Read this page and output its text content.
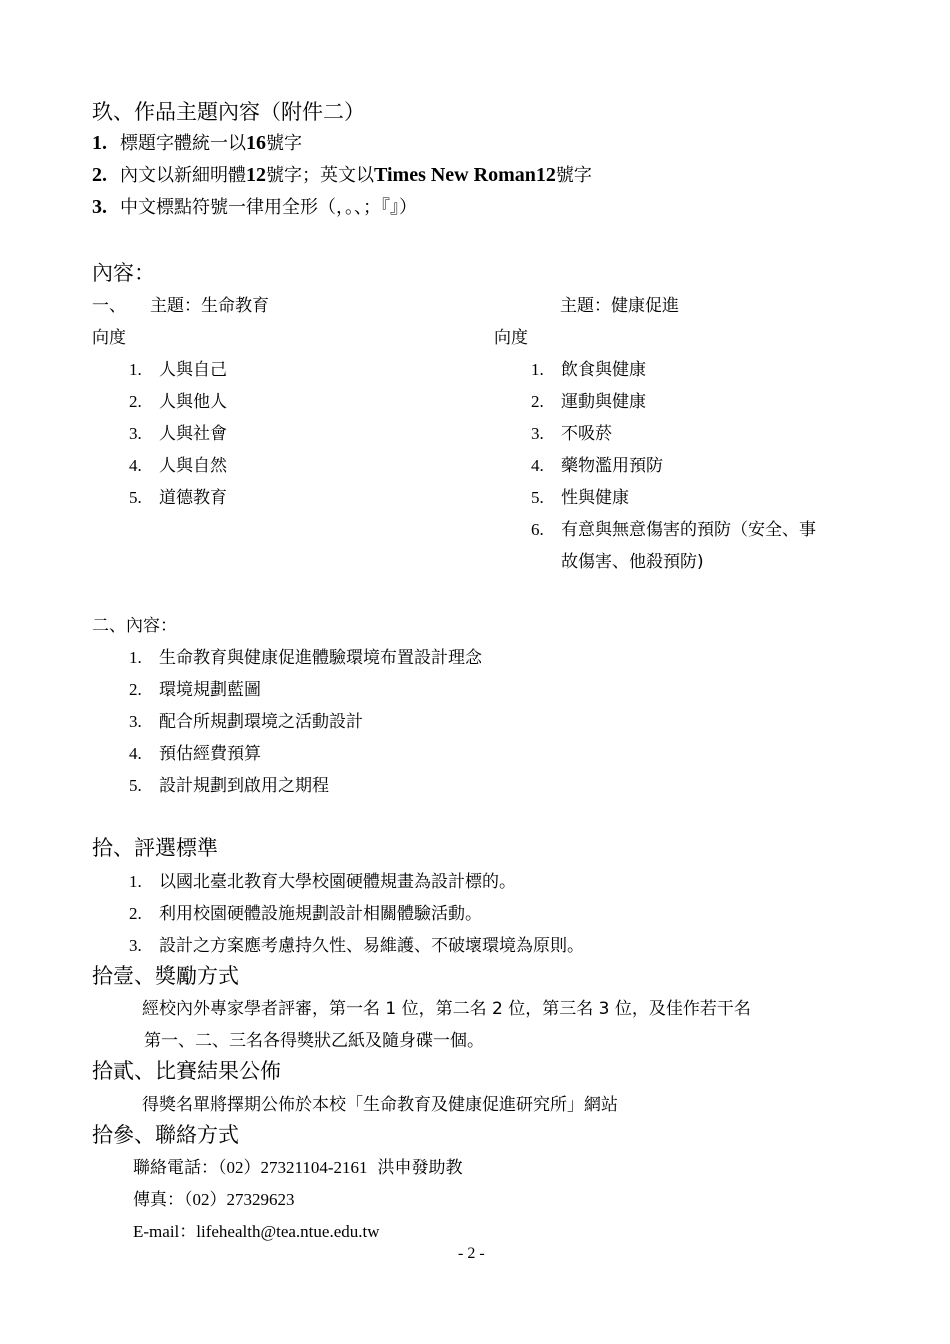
玖、作品主題內容（附件二）
1. 標題字體統一以16號字
2. 內文以新細明體12號字；英文以Times New Roman12號字
3. 中文標點符號一律用全形（，。、；『』）
內容：
一、 主題：生命教育	主題：健康促進
向度	向度
1. 人與自己
2. 人與他人
3. 人與社會
4. 人與自然
5. 道德教育
1. 飲食與健康
2. 運動與健康
3. 不吸菸
4. 藥物濫用預防
5. 性與健康
6. 有意與無意傷害的預防（安全、事
故傷害、他殺預防)
二、內容：
1. 生命教育與健康促進體驗環境布置設計理念
2. 環境規劃藍圖
3. 配合所規劃環境之活動設計
4. 預估經費預算
5. 設計規劃到啟用之期程
拾、評選標準
1. 以國北臺北教育大學校園硬體規畫為設計標的。
2. 利用校園硬體設施規劃設計相關體驗活動。
3. 設計之方案應考慮持久性、易維護、不破壞環境為原則。
拾壹、獎勵方式
經校內外專家學者評審，第一名 1 位，第二名 2 位，第三名 3 位，及佳作若干名
第一、二、三名各得獎狀乙紙及隨身碟一個。
拾貳、比賽結果公佈
得獎名單將擇期公佈於本校「生命教育及健康促進研究所」網站
拾參、聯絡方式
聯絡電話：（02）27321104-2161 洪申發助教
傳真：（02）27329623
E-mail：lifehealth@tea.ntue.edu.tw
- 2 -
